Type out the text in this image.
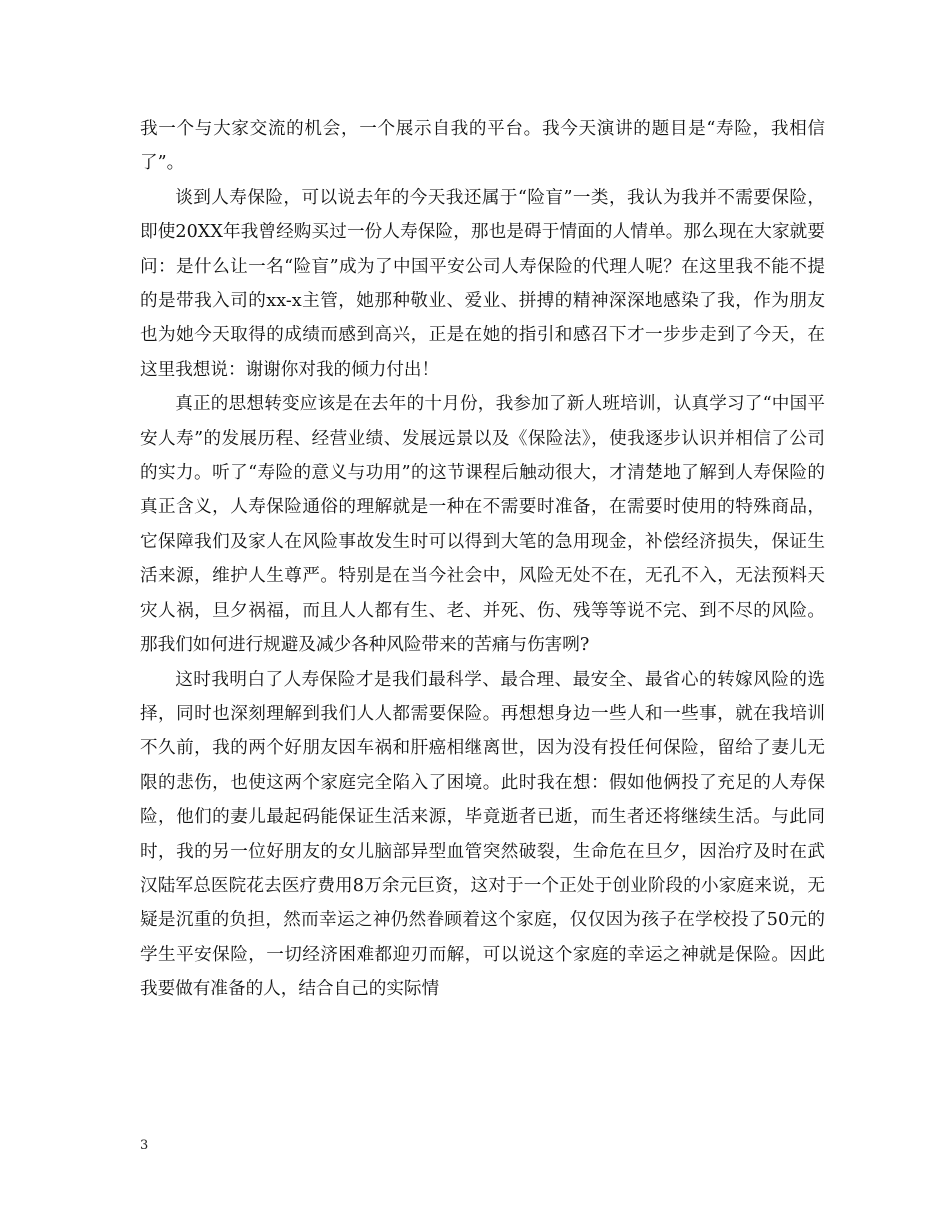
我一个与大家交流的机会，一个展示自我的平台。我今天演讲的题目是“寿险，我相信了”。

谈到人寿保险，可以说去年的今天我还属于“险盲”一类，我认为我并不需要保险，即使20XX年我曾经购买过一份人寿保险，那也是碍于情面的人情单。那么现在大家就要问：是什么让一名“险盲”成为了中国平安公司人寿保险的代理人呢？在这里我不能不提的是带我入司的xx-x主管，她那种敬业、爱业、拼搏的精神深深地感染了我，作为朋友也为她今天取得的成绩而感到高兴，正是在她的指引和感召下才一步步走到了今天，在这里我想说：谢谢你对我的倾力付出！

真正的思想转变应该是在去年的十月份，我参加了新人班培训，认真学习了“中国平安人寿”的发展历程、经营业绩、发展远景以及《保险法》，使我逐步认识并相信了公司的实力。听了“寿险的意义与功用”的这节课程后触动很大，才清楚地了解到人寿保险的真正含义，人寿保险通俗的理解就是一种在不需要时准备，在需要时使用的特殊商品，它保障我们及家人在风险事故发生时可以得到大笔的急用现金，补偿经济损失，保证生活来源，维护人生尊严。特别是在当今社会中，风险无处不在，无孔不入，无法预料天灾人祸，旦夕祸福，而且人人都有生、老、并死、伤、残等等说不完、到不尽的风险。那我们如何进行规避及减少各种风险带来的苦痛与伤害咧?

这时我明白了人寿保险才是我们最科学、最合理、最安全、最省心的转嫁风险的选择，同时也深刻理解到我们人人都需要保险。再想想身边一些人和一些事，就在我培训不久前，我的两个好朋友因车祸和肝癌相继离世，因为没有投任何保险，留给了妻儿无限的悲伤，也使这两个家庭完全陷入了困境。此时我在想：假如他俩投了充足的人寿保险，他们的妻儿最起码能保证生活来源，毕竟逝者已逝，而生者还将继续生活。与此同时，我的另一位好朋友的女儿脑部异型血管突然破裂，生命危在旦夕，因治疗及时在武汉陆军总医院花去医疗费用8万余元巨资，这对于一个正处于创业阶段的小家庭来说，无疑是沉重的负担，然而幸运之神仍然眷顾着这个家庭，仅仅因为孩子在学校投了50元的学生平安保险，一切经济困难都迎刃而解，可以说这个家庭的幸运之神就是保险。因此我要做有准备的人，结合自己的实际情

3
